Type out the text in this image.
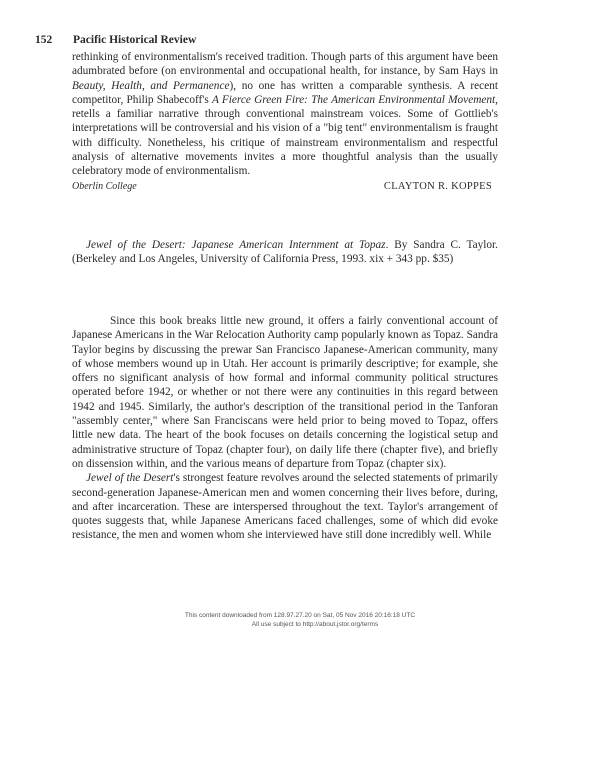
152 Pacific Historical Review

rethinking of environmentalism's received tradition. Though parts of this argument have been adumbrated before (on environmental and occupational health, for instance, by Sam Hays in Beauty, Health, and Permanence), no one has written a comparable synthesis. A recent competitor, Philip Shabecoff's A Fierce Green Fire: The American Environmental Movement, retells a familiar narrative through conventional mainstream voices. Some of Gottlieb's interpretations will be controversial and his vision of a "big tent" environmentalism is fraught with difficulty. Nonetheless, his critique of mainstream environmentalism and respectful analysis of alternative movements invites a more thoughtful analysis than the usually celebratory mode of environmentalism.

Oberlin College	CLAYTON R. KOPPES

Jewel of the Desert: Japanese American Internment at Topaz. By Sandra C. Taylor. (Berkeley and Los Angeles, University of California Press, 1993. xix + 343 pp. $35)

Since this book breaks little new ground, it offers a fairly conventional account of Japanese Americans in the War Relocation Authority camp popularly known as Topaz. Sandra Taylor begins by discussing the prewar San Francisco Japanese-American community, many of whose members wound up in Utah. Her account is primarily descriptive; for example, she offers no significant analysis of how formal and informal community political structures operated before 1942, or whether or not there were any continuities in this regard between 1942 and 1945. Similarly, the author's description of the transitional period in the Tanforan "assembly center," where San Franciscans were held prior to being moved to Topaz, offers little new data. The heart of the book focuses on details concerning the logistical setup and administrative structure of Topaz (chapter four), on daily life there (chapter five), and briefly on dissension within, and the various means of departure from Topaz (chapter six).

Jewel of the Desert's strongest feature revolves around the selected statements of primarily second-generation Japanese-American men and women concerning their lives before, during, and after incarceration. These are interspersed throughout the text. Taylor's arrangement of quotes suggests that, while Japanese Americans faced challenges, some of which did evoke resistance, the men and women whom she interviewed have still done incredibly well. While

This content downloaded from 128.97.27.20 on Sat, 05 Nov 2016 20:16:18 UTC
All use subject to http://about.jstor.org/terms
